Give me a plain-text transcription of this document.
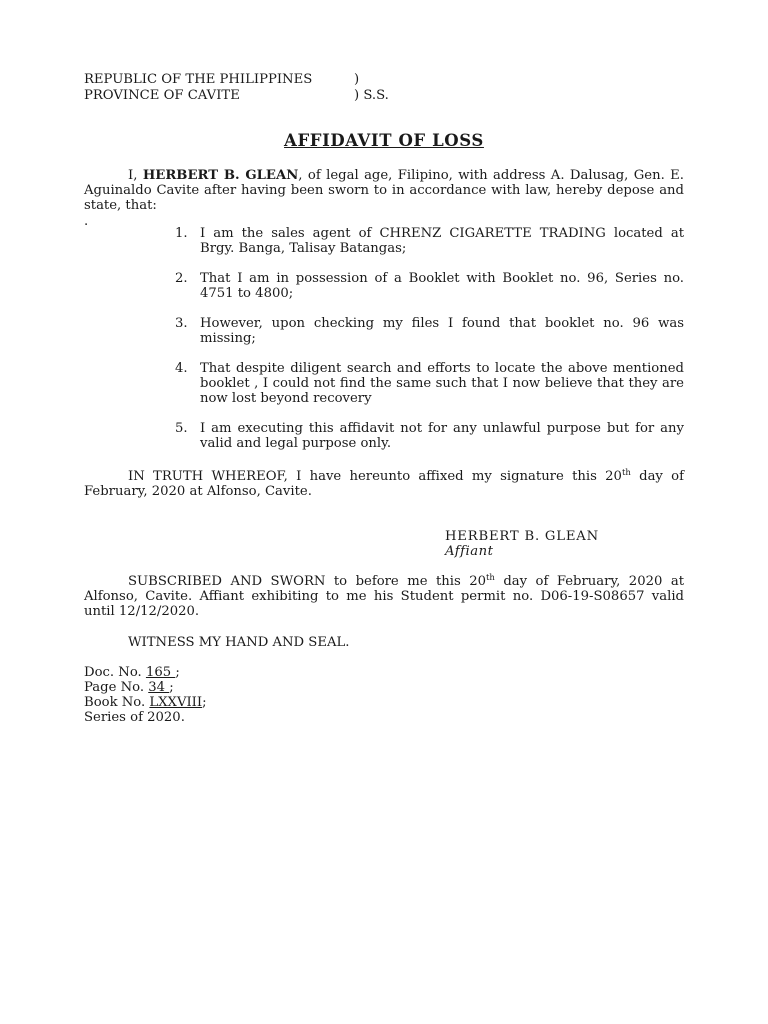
REPUBLIC OF THE PHILIPPINES	)
PROVINCE OF CAVITE	) S.S.
AFFIDAVIT OF LOSS
I, HERBERT B. GLEAN, of legal age, Filipino, with address A. Dalusag, Gen. E. Aguinaldo Cavite after having been sworn to in accordance with law, hereby depose and state, that:
.
1. I am the sales agent of CHRENZ CIGARETTE TRADING located at Brgy. Banga, Talisay Batangas;
2. That I am in possession of a Booklet with Booklet no. 96, Series no. 4751 to 4800;
3. However, upon checking my files I found that booklet no. 96 was missing;
4. That despite diligent search and efforts to locate the above mentioned booklet , I could not find the same such that I now believe that they are now lost beyond recovery
5. I am executing this affidavit not for any unlawful purpose but for any valid and legal purpose only.
IN TRUTH WHEREOF, I have hereunto affixed my signature this 20th day of February, 2020 at Alfonso, Cavite.
HERBERT B. GLEAN
Affiant
SUBSCRIBED AND SWORN to before me this 20th day of February, 2020 at Alfonso, Cavite. Affiant exhibiting to me his Student permit no. D06-19-S08657 valid until 12/12/2020.
WITNESS MY HAND AND SEAL.
Doc. No. 165 ;
Page No. 34 ;
Book No. LXXVIII;
Series of 2020.
